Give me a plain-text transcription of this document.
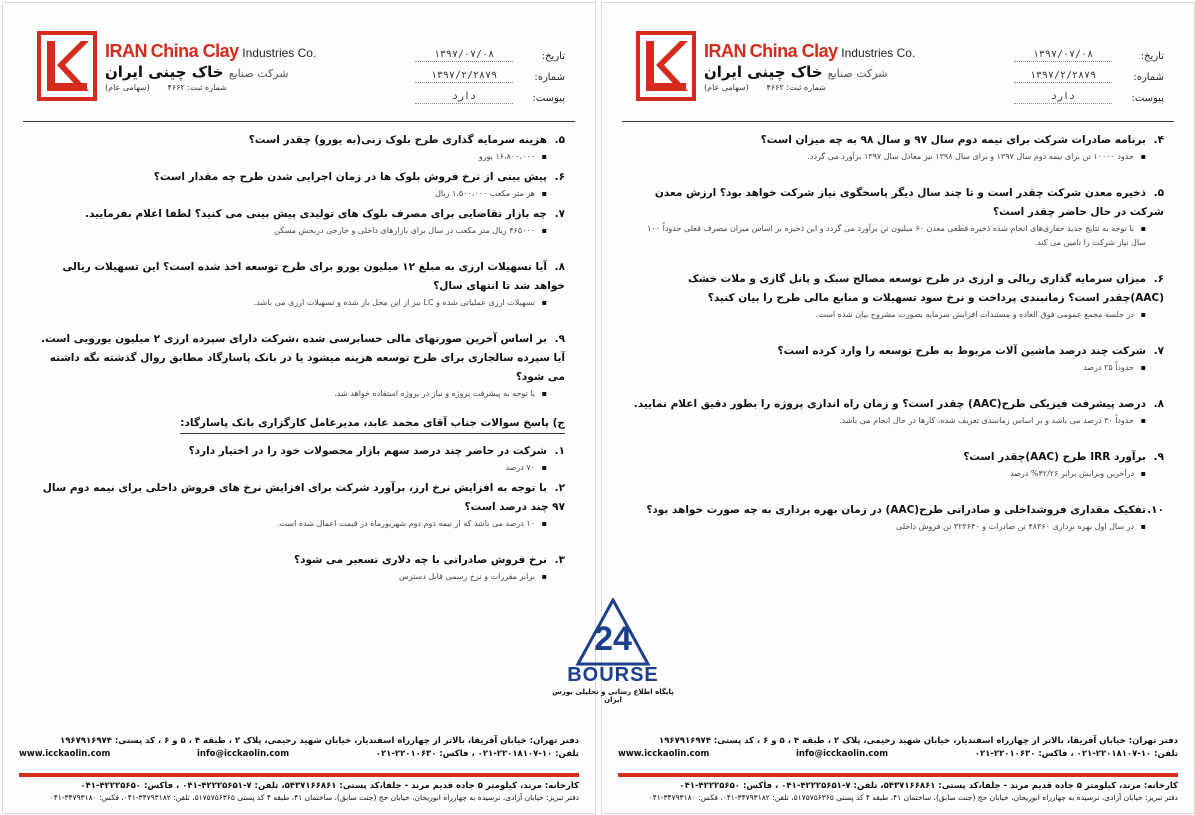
IRAN China Clay Industries Co.
شرکت صنایع خاک چینی ایران
شماره ثبت: ۴۶۶۲       (سهامی عام)
تاریخ:
۱۳۹۷/۰۷/۰۸
شماره:
۱۳۹۷/۲/۲۸۷۹
پیوست:
دارد
۵.هزینه سرمایه گذاری طرح بلوک زنی(به یورو) چقدر است؟
▪۱۶،۸۰۰،۰۰۰ یورو
۶.پیش بینی از نرخ فروش بلوک ها در زمان اجرایی شدن طرح چه مقدار است؟
▪هر متر مکعب ۱،۵۰۰،۰۰۰ ریال
۷.چه بازار تقاضایی برای مصرف بلوک های تولیدی پیش بینی می کنید؟ لطفا اعلام بفرمایید.
▪۴۶۵۰۰۰ ریال متر مکعب در سال برای بازارهای داخلی و خارجی دربخش مسکن
۸.آیا تسهیلات ارزی به مبلغ ۱۲ میلیون یورو برای طرح توسعه اخذ شده است؟ این تسهیلات ریالی خواهد شد تا انتهای سال؟
▪تسهیلات ارزی عملیاتی شده و LC نیز از این محل باز شده و تسهیلات ارزی می باشد.
۹.بر اساس آخرین صورتهای مالی حسابرسی شده ،شرکت دارای سپرده ارزی ۲ میلیون یورویی است. آیا سپرده سالجاری برای طرح توسعه هزینه میشود یا در بانک پاسارگاد مطابق روال گذشته نگه داشته می شود؟
▪با توجه به پیشرفت پروژه و نیاز در پروژه استفاده خواهد شد.
ج) پاسخ سوالات جناب آقای محمد عابد، مدیرعامل کارگزاری بانک پاسارگاد:
۱.شرکت در حاضر چند درصد سهم بازار محصولات خود را در اختیار دارد؟
▪۷۰ درصد
۲.با توجه به افزایش نرخ ارز، برآورد شرکت برای افزایش نرخ های فروش داخلی برای نیمه دوم سال ۹۷ چند درصد است؟
▪۱۰ درصد می باشد که از نیمه دوم دوم شهریورماه در قیمت اعمال شده است.
۳.نرخ فروش صادراتی با چه دلاری تسعیر می شود؟
▪برابر مقررات و نرخ رسمی قابل دسترس
دفتر تهران: خیابان آفریقا، بالاتر از چهارراه اسفندیار، خیابان شهید رحیمی، پلاک ۲ ، طبقه ۴ ، ۵ و ۶ ، کد پستی: ۱۹۶۷۹۱۶۹۷۴
تلفن: ۱۰-۲۲۰۱۸۱۰۷-۰۲۱ ، فاکس: ۲۲۰۱۰۶۳۰-۰۲۱
info@icckaolin.com
www.icckaolin.com
کارخانه: مرند، کیلومتر ۵ جاده قدیم مرند - جلفا،کد پستی: ۵۴۳۷۱۶۶۸۶۱، تلفن: ۷-۴۲۲۲۵۶۵۱-۰۴۱ ، فاکس: ۴۲۲۲۵۶۵۰-۰۴۱
دفتر تبریز: خیابان آزادی، نرسیده به چهارراه ابوریحان، خیابان حج (جنت سابق)، ساختمان ۴۱، طبقه ۴ کد پستی ۵۱۷۵۷۵۶۳۶۵، تلفن: ۳۴۷۹۳۱۸۲-۰۴۱، فکس: ۳۴۷۹۳۱۸۰-۰۴۱
IRAN China Clay Industries Co.
شرکت صنایع خاک چینی ایران
شماره ثبت: ۴۶۶۲       (سهامی عام)
تاریخ:
۱۳۹۷/۰۷/۰۸
شماره:
۱۳۹۷/۲/۲۸۷۹
پیوست:
دارد
۴.برنامه صادرات شرکت برای نیمه دوم سال ۹۷ و سال ۹۸ به چه میزان است؟
▪حدود ۱۰۰۰۰ تن برای نیمه دوم سال ۱۳۹۷ و برای سال ۱۳۹۸ نیز معادل سال ۱۳۹۷ برآورد می گردد.
۵.ذخیره معدن شرکت چقدر است و تا چند سال دیگر پاسخگوی نیاز شرکت خواهد بود؟ ارزش معدن شرکت در حال حاضر چقدر است؟
▪با توجه به نتایج جدید حفاری‌های انجام شده ذخیره قطعی معدن ۶۰ میلیون تن برآورد می گردد و این ذخیره بر اساس میزان مصرف فعلی حدوداً ۱۰۰ سال نیاز شرکت را تامین می کند.
۶.میزان سرمایه گذاری ریالی و ارزی در طرح توسعه مصالح سبک و پانل گازی و ملات خشک (AAC)چقدر است؟ زمانبندی پرداخت و نرخ سود تسهیلات و منابع مالی طرح را بیان کنید؟
▪در جلسه مجمع عمومی فوق العاده و مستندات افزایش سرمایه بصورت مشروح بیان شده است.
۷.شرکت چند درصد ماشین آلات مربوط به طرح توسعه را وارد کرده است؟
▪حدوداً ۲۵ درصد
۸.درصد پیشرفت فیزیکی طرح(AAC) چقدر است؟ و زمان راه اندازی پروژه را بطور دقیق اعلام نمایید.
▪حدوداً ۳۰ درصد می باشد و بر اساس زمانبندی تعریف شده، کارها در حال انجام می باشد.
۹.برآورد IRR طرح (AAC)چقدر است؟
▪درآخرین ویرایش برابر ۴۲/۲۶% درصد
۱۰.تفکیک مقداری فروشداخلی و صادراتی طرح(AAC) در زمان بهره برداری به چه صورت خواهد بود؟
▪در سال اول بهره برداری ۴۸۳۶۰ تن صادرات و ۳۲۳۶۴۰ تن فروش داخلی
دفتر تهران: خیابان آفریقا، بالاتر از چهارراه اسفندیار، خیابان شهید رحیمی، پلاک ۲ ، طبقه ۴ ، ۵ و ۶ ، کد پستی: ۱۹۶۷۹۱۶۹۷۴
تلفن: ۱۰-۲۲۰۱۸۱۰۷-۰۲۱ ، فاکس: ۲۲۰۱۰۶۳۰-۰۲۱
info@icckaolin.com
www.icckaolin.com
کارخانه: مرند، کیلومتر ۵ جاده قدیم مرند - جلفا،کد پستی: ۵۴۳۷۱۶۶۸۶۱، تلفن: ۷-۴۲۲۲۵۶۵۱-۰۴۱ ، فاکس: ۴۲۲۲۵۶۵۰-۰۴۱
دفتر تبریز: خیابان آزادی، نرسیده به چهارراه ابوریحان، خیابان حج (جنت سابق)، ساختمان ۴۱، طبقه ۴ کد پستی ۵۱۷۵۷۵۶۳۶۵، تلفن: ۳۴۷۹۳۱۸۲-۰۴۱، فکس: ۳۴۷۹۳۱۸۰-۰۴۱
24
BOURSE
پایگاه اطلاع رسانی و تحلیلی بورس ایران
